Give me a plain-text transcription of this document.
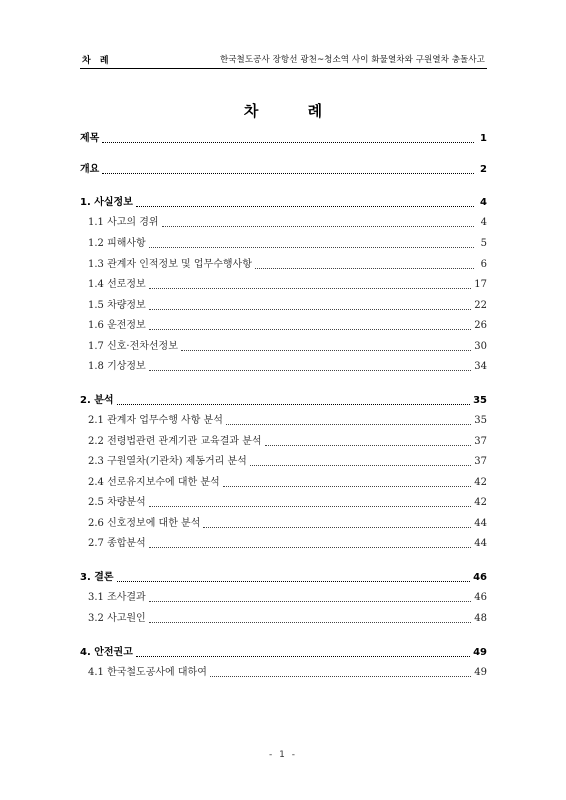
차 례	한국철도공사 장항선 광천~청소역 사이 화물열차와 구원열차 충돌사고
차 례
제목	1
개요	2
1. 사실정보	4
1.1 사고의 경위	4
1.2 피해사항	5
1.3 관계자 인적정보 및 업무수행사항	6
1.4 선로정보	17
1.5 차량정보	22
1.6 운전정보	26
1.7 신호·전차선정보	30
1.8 기상정보	34
2. 분석	35
2.1 관계자 업무수행 사항 분석	35
2.2 전령법관련 관계기관 교육결과 분석	37
2.3 구원열차(기관차) 제동거리 분석	37
2.4 선로유지보수에 대한 분석	42
2.5 차량분석	42
2.6 신호정보에 대한 분석	44
2.7 종합분석	44
3. 결론	46
3.1 조사결과	46
3.2 사고원인	48
4. 안전권고	49
4.1 한국철도공사에 대하여	49
- 1 -
